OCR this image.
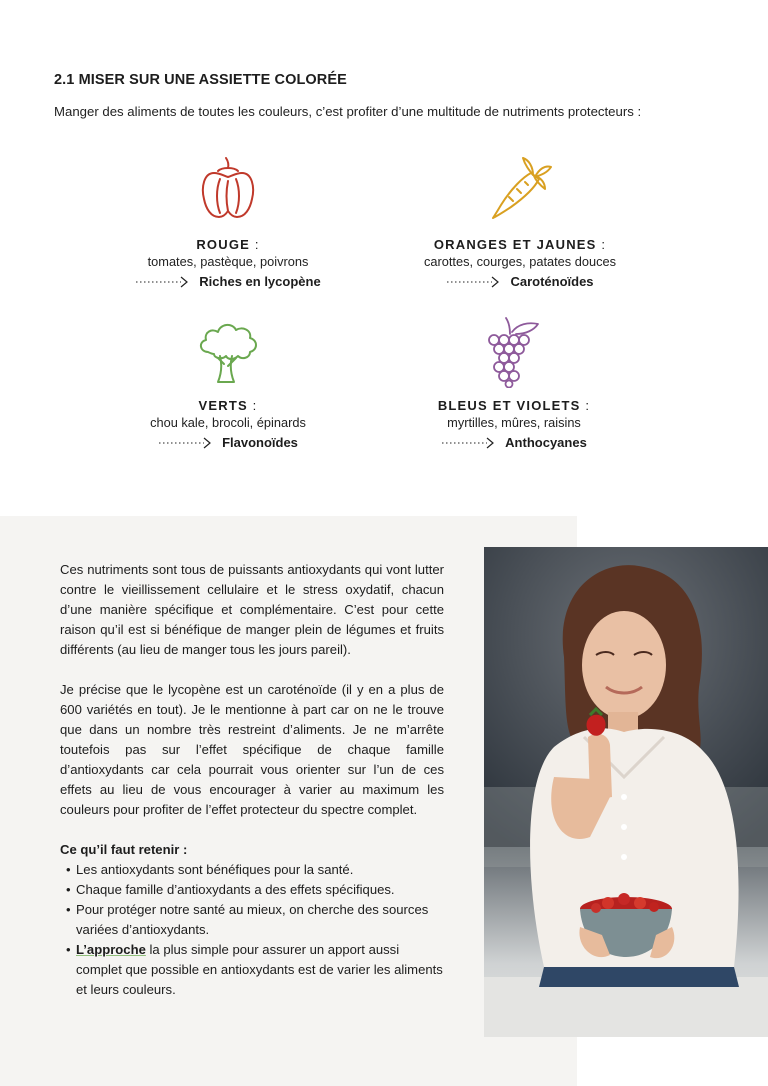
2.1 MISER SUR UNE ASSIETTE COLORÉE
Manger des aliments de toutes les couleurs, c’est profiter d’une multitude de nutriments protecteurs :
ROUGE :
tomates, pastèque, poivrons
Riches en lycopène
ORANGES ET JAUNES :
carottes, courges, patates douces
Caroténoïdes
VERTS :
chou kale, brocoli, épinards
Flavonoïdes
BLEUS ET VIOLETS :
myrtilles, mûres, raisins
Anthocyanes

Ces nutriments sont tous de puissants antioxydants qui vont lutter contre le vieillissement cellulaire et le stress oxydatif, chacun d’une manière spécifique et complémentaire. C’est pour cette raison qu’il est si bénéfique de manger plein de légumes et fruits différents (au lieu de manger tous les jours pareil).

Je précise que le lycopène est un caroténoïde (il y en a plus de 600 variétés en tout). Je le mentionne à part car on ne le trouve que dans un nombre très restreint d’aliments. Je ne m’arrête toutefois pas sur l’effet spécifique de chaque famille d’antioxydants car cela pourrait vous orienter sur l’un de ces effets au lieu de vous encourager à varier au maximum les couleurs pour profiter de l’effet protecteur du spectre complet.

Ce qu’il faut retenir :

• Les antioxydants sont bénéfiques pour la santé.
• Chaque famille d’antioxydants a des effets spécifiques.
• Pour protéger notre santé au mieux, on cherche des sources variées d’antioxydants.
• L’approche la plus simple pour assurer un apport aussi complet que possible en antioxydants est de varier les aliments et leurs couleurs.
